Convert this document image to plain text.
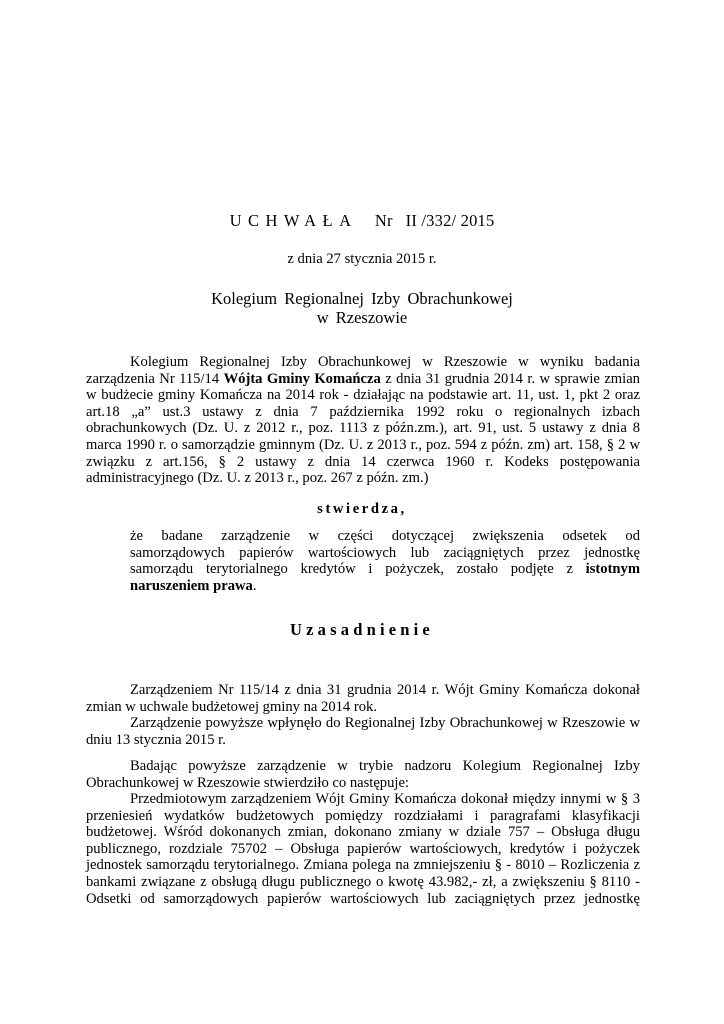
UCHWAŁA Nr II /332/ 2015
z dnia 27 stycznia 2015 r.
Kolegium Regionalnej Izby Obrachunkowej
w Rzeszowie
Kolegium Regionalnej Izby Obrachunkowej w Rzeszowie w wyniku badania
zarządzenia Nr 115/14 Wójta Gminy Komańcza z dnia 31 grudnia 2014 r. w sprawie zmian
w budżecie gminy Komańcza na 2014 rok - działając na podstawie art. 11, ust. 1, pkt 2 oraz
art.18 „a” ust.3 ustawy z dnia 7 października 1992 roku o regionalnych izbach
obrachunkowych (Dz. U. z 2012 r., poz. 1113 z późn.zm.), art. 91, ust. 5 ustawy z dnia 8
marca 1990 r. o samorządzie gminnym (Dz. U. z 2013 r., poz. 594 z późn. zm) art. 158, § 2 w
związku z art.156, § 2 ustawy z dnia 14 czerwca 1960 r. Kodeks postępowania
administracyjnego (Dz. U. z 2013 r., poz. 267 z późn. zm.)
stwierdza,
że badane zarządzenie w części dotyczącej zwiększenia odsetek od
samorządowych papierów wartościowych lub zaciągniętych przez jednostkę
samorządu terytorialnego kredytów i pożyczek, zostało podjęte z istotnym
naruszeniem prawa.
Uzasadnienie
Zarządzeniem Nr 115/14 z dnia 31 grudnia 2014 r. Wójt Gminy Komańcza dokonał
zmian w uchwale budżetowej gminy na 2014 rok.
Zarządzenie powyższe wpłynęło do Regionalnej Izby Obrachunkowej w Rzeszowie w
dniu 13 stycznia 2015 r.
Badając powyższe zarządzenie w trybie nadzoru Kolegium Regionalnej Izby
Obrachunkowej w Rzeszowie stwierdziło co następuje:
Przedmiotowym zarządzeniem Wójt Gminy Komańcza dokonał między innymi w § 3
przeniesień wydatków budżetowych pomiędzy rozdziałami i paragrafami klasyfikacji
budżetowej. Wśród dokonanych zmian, dokonano zmiany w dziale 757 – Obsługa długu
publicznego, rozdziale 75702 – Obsługa papierów wartościowych, kredytów i pożyczek
jednostek samorządu terytorialnego. Zmiana polega na zmniejszeniu § - 8010 – Rozliczenia z
bankami związane z obsługą długu publicznego o kwotę 43.982,- zł, a zwiększeniu § 8110 -
Odsetki od samorządowych papierów wartościowych lub zaciągniętych przez jednostkę
